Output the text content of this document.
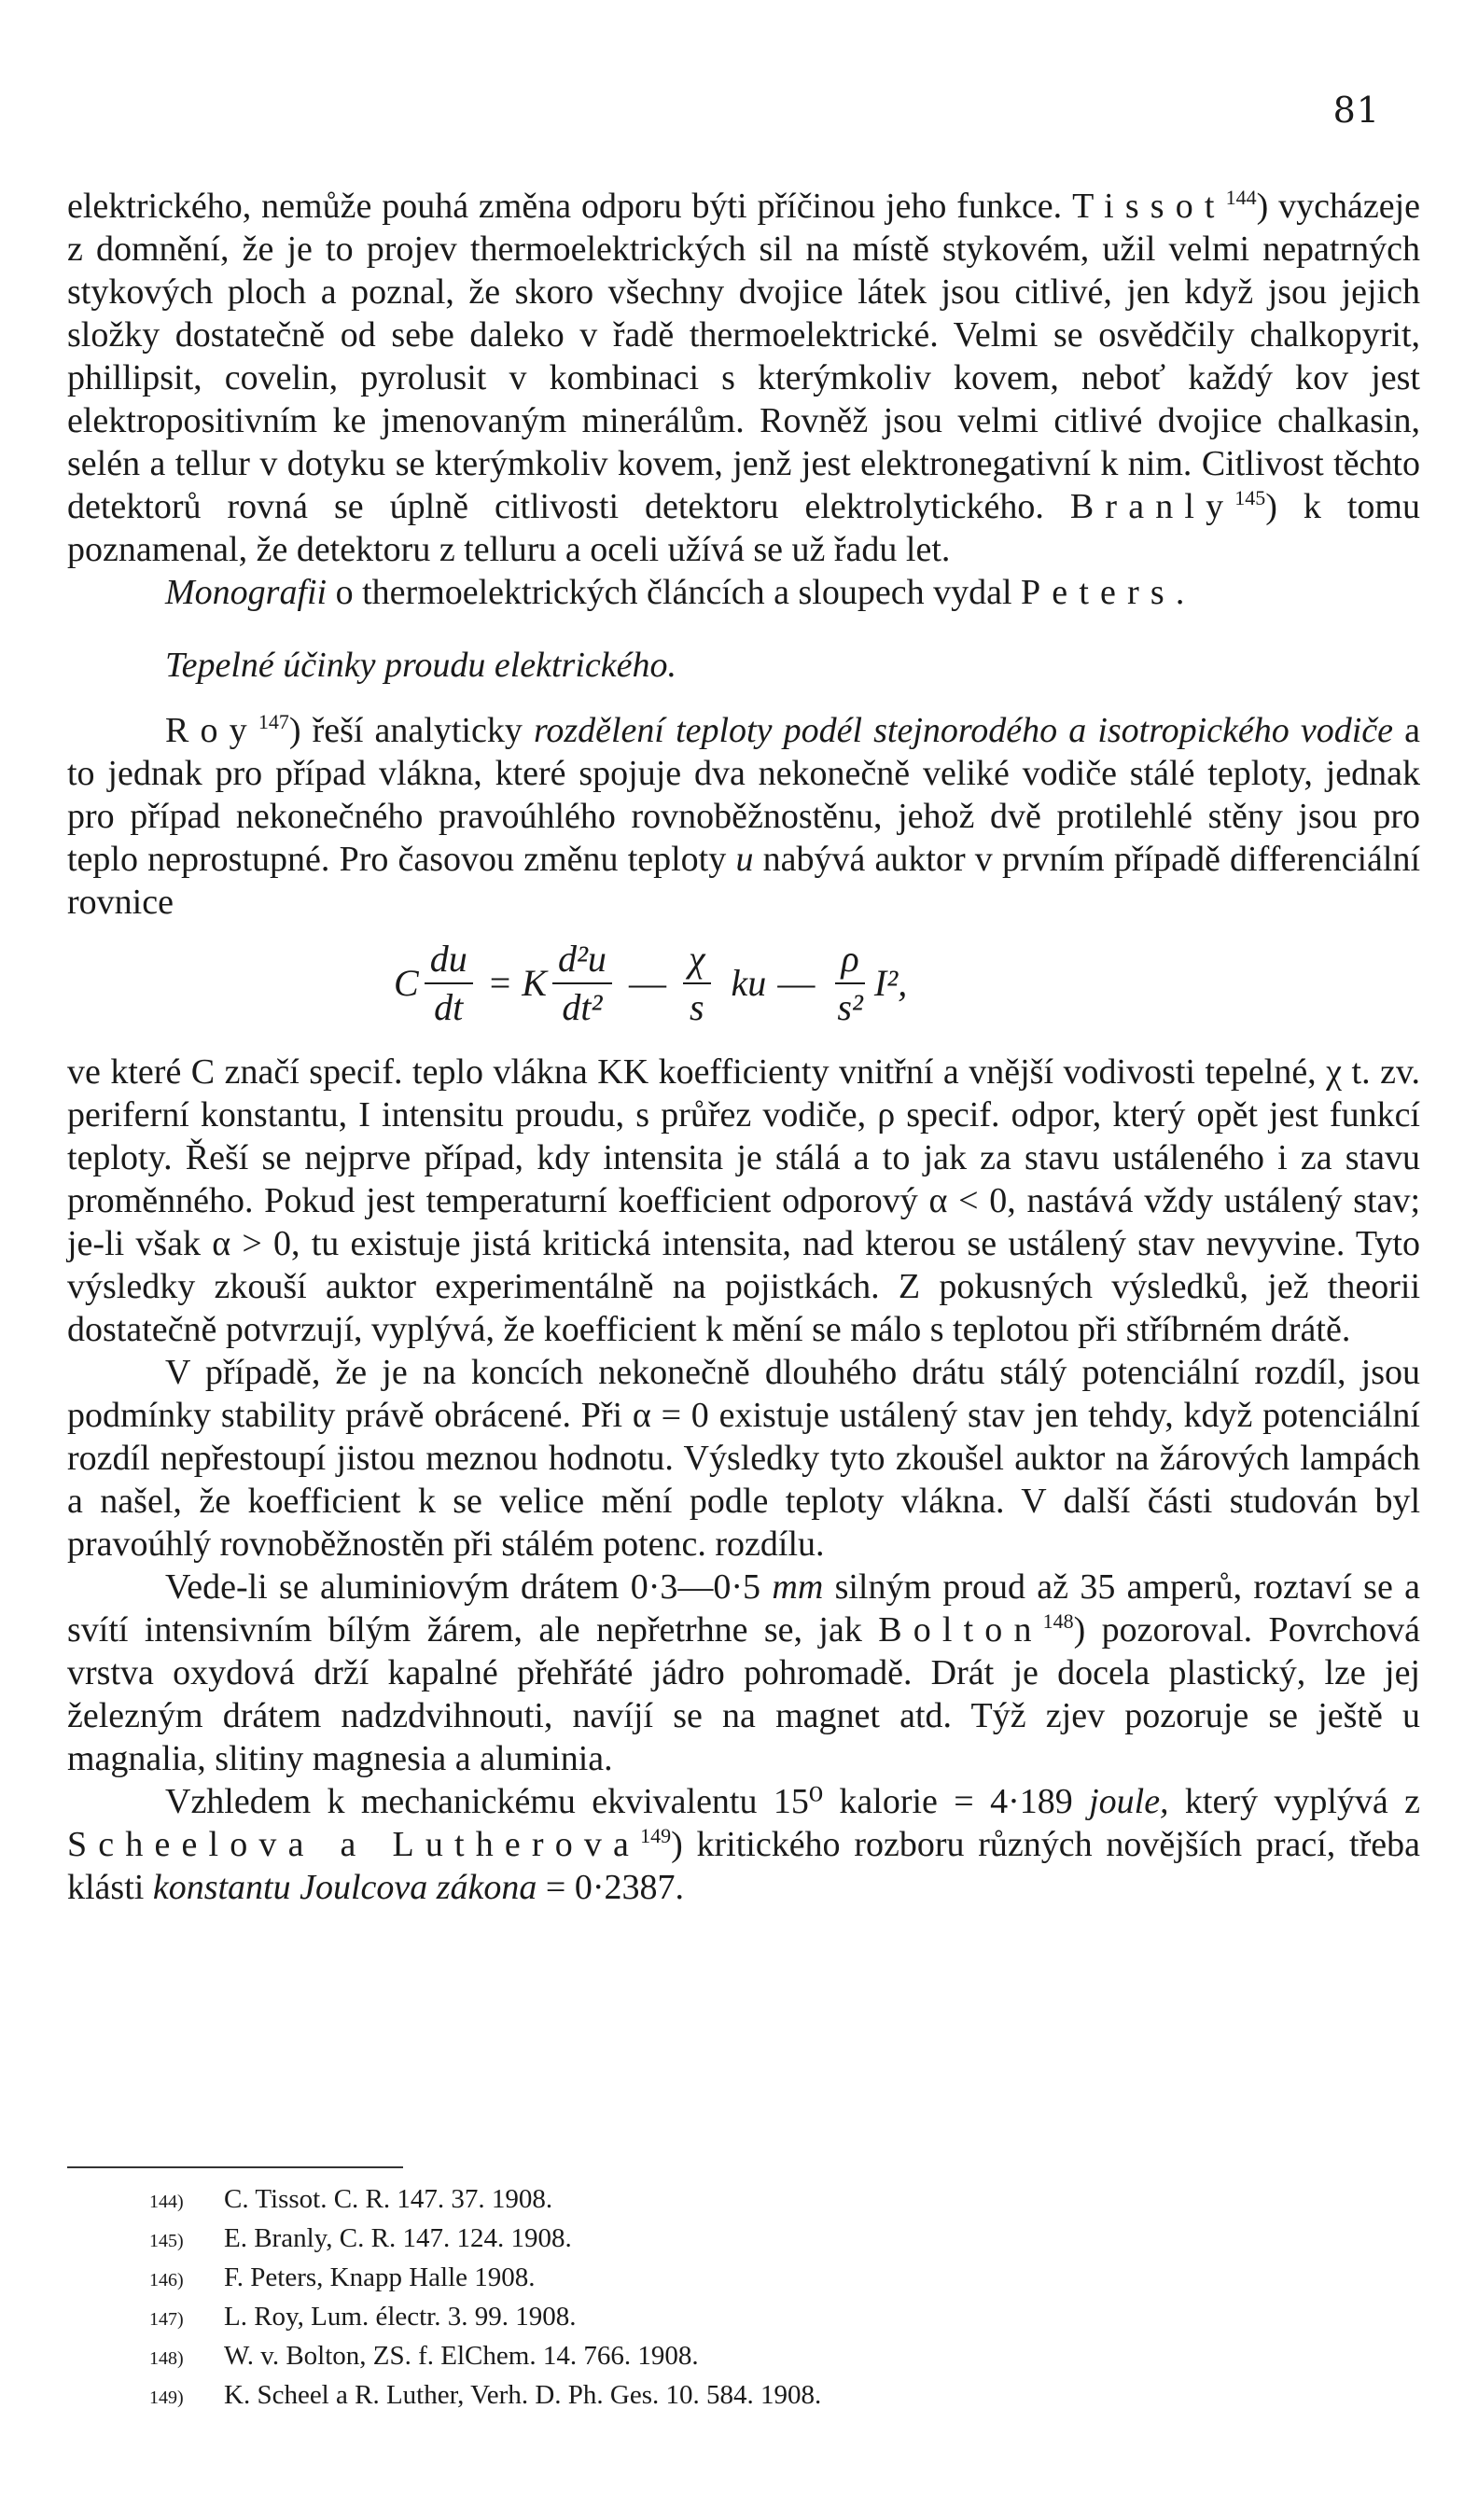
81

elektrického, nemůže pouhá změna odporu býti příčinou jeho funkce. Tissot$^{144}$) vycházeje z domnění, že je to projev thermoelektrických sil na místě stykovém, užil velmi nepatrných stykových ploch a poznal, že skoro všechny dvojice látek jsou citlivé, jen když jsou jejich složky dostatečně od sebe daleko v řadě thermoelektrické. Velmi se osvědčily chalkopyrit, phillipsit, covelin, pyrolusit v kombinaci s kterýmkoliv kovem, neboť každý kov jest elektropositivním ke jmenovaným minerálům. Rovněž jsou velmi citlivé dvojice chalkasin, selén a tellur v dotyku se kterýmkoliv kovem, jenž jest elektronegativní k nim. Citlivost těchto detektorů rovná se úplně citlivosti detektoru elektrolytického. Branly$^{145}$) k tomu poznamenal, že detektoru z telluru a oceli užívá se už řadu let.

Monografii o thermoelektrických článcích a sloupech vydal Peters.

Tepelné účinky proudu elektrického.

Roy$^{147}$) řeší analyticky rozdělení teploty podél stejnorodého a isotropického vodiče a to jednak pro případ vlákna, které spojuje dva nekonečně veliké vodiče stálé teploty, jednak pro případ nekonečného pravoúhlého rovnoběžnostěnu, jehož dvě protilehlé stěny jsou pro teplo neprostupné. Pro časovou změnu teploty u nabývá auktor v prvním případě differenciální rovnice

C $\frac{du}{dt} = K \frac{\text{d²u}}{\text{dt²}}$ — $\frac{\chi}{s}$ ku — $\frac{\rho}{\text{s²}} I^2$,

ve které C značí specif. teplo vlákna KK koefficienty vnitřní a vnější vodivosti tepelné, χ t. zv. periferní konstantu, I intensitu proudu, s průřez vodiče, ρ specif. odpor, který opět jest funkcí teploty. Řeší se nejprve případ, kdy intensita je stálá a to jak za stavu ustáleného i za stavu proměnného. Pokud jest temperaturní koefficient odporový α < 0, nastává vždy ustálený stav; je-li však α > 0, tu existuje jistá kritická intensita, nad kterou se ustálený stav nevyvine. Tyto výsledky zkouší auktor experimentálně na pojistkách. Z pokusných výsledků, jež theorii dostatečně potvrzují, vyplývá, že koefficient k mění se málo s teplotou při stříbrném drátě.

V případě, že je na koncích nekonečně dlouhého drátu stálý potenciální rozdíl, jsou podmínky stability právě obrácené. Při α = 0 existuje ustálený stav jen tehdy, když potenciální rozdíl nepřestoupí jistou meznou hodnotu. Výsledky tyto zkoušel auktor na žárových lampách a našel, že koefficient k se velice mění podle teploty vlákna. V další části studován byl pravoúhlý rovnoběžnostěn při stálém potenc. rozdílu.

Vede-li se aluminiovým drátem 0·3—0·5 mm silným proud až 35 amperů, roztaví se a svítí intensivním bílým žárem, ale nepřetrhne se, jak Bolton$^{148}$) pozoroval. Povrchová vrstva oxydová drží kapalné přehřáté jádro pohromadě. Drát je docela plastický, lze jej železným drátem nadzdvihnouti, navíjí se na magnet atd. Týž zjev pozoruje se ještě u magnalia, slitiny magnesia a aluminia.

Vzhledem k mechanickému ekvivalentu 15⁰ kalorie = 4·189 joule, který vyplývá z Scheelova a Lutherova$^{149}$) kritického rozboru různých novějších prací, třeba klásti konstantu Joulcova zákona = 0·2387.

144)	C. Tissot. C. R. 147. 37. 1908.
145)	E. Branly, C. R. 147. 124. 1908.
146)	F. Peters, Knapp Halle 1908.
147)	L. Roy, Lum. électr. 3. 99. 1908.
148)	W. v. Bolton, ZS. f. ElChem. 14. 766. 1908.
149)	K. Scheel a R. Luther, Verh. D. Ph. Ges. 10. 584. 1908.
